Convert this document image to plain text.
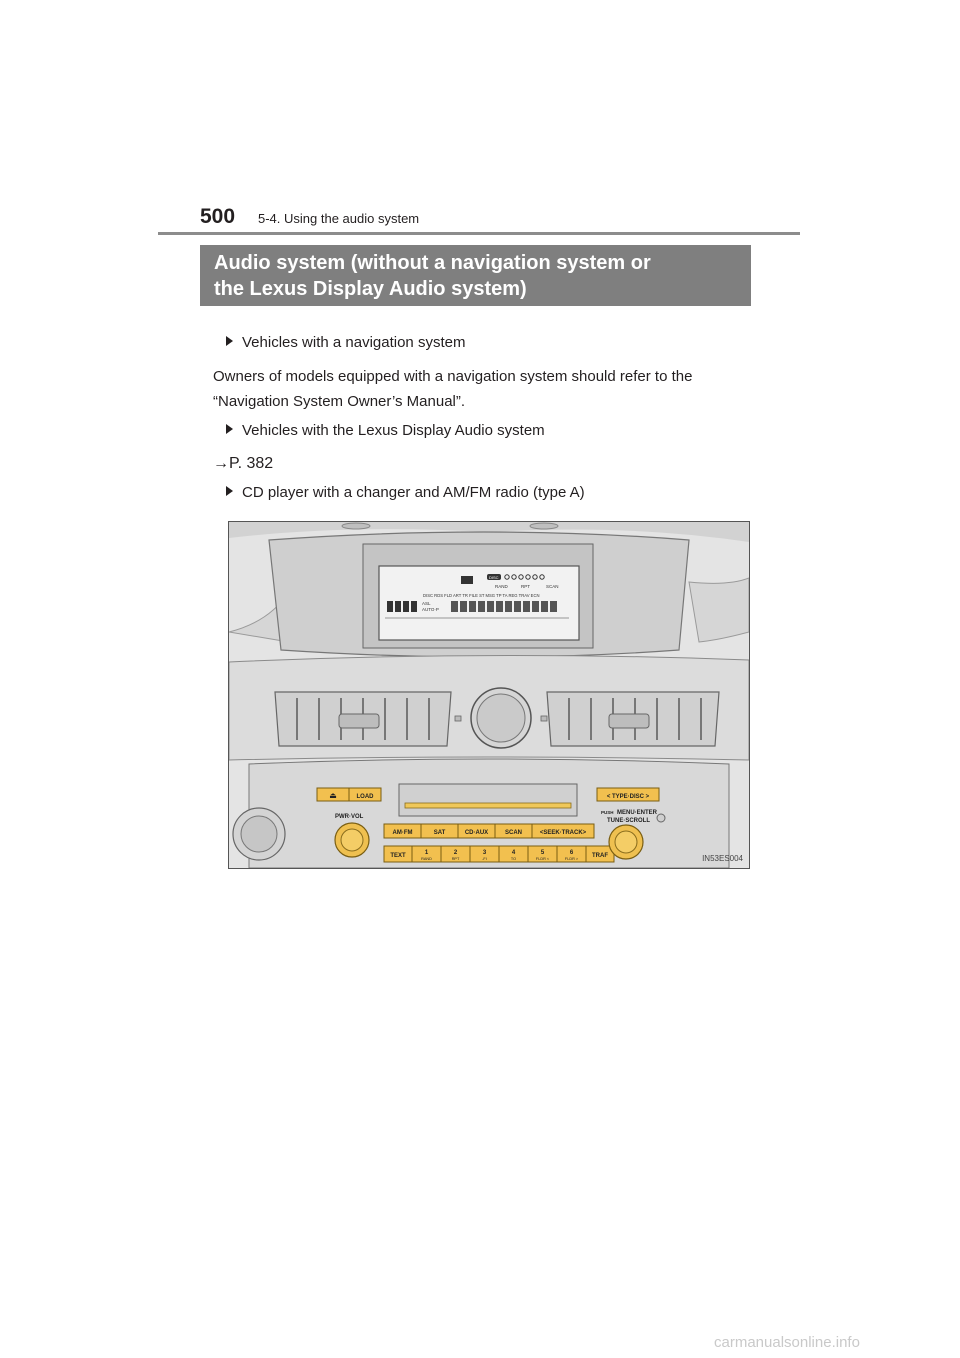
500 5-4. Using the audio system
Audio system (without a navigation system or
the Lexus Display Audio system)
Vehicles with a navigation system
Owners of models equipped with a navigation system should refer to the
“Navigation System Owner’s Manual”.
Vehicles with the Lexus Display Audio system
→P. 382
CD player with a changer and AM/FM radio (type A)
DISC
RAND	RPT	SCAN
DISC RDS FLD ART TR FILE ST MSG TP TA REG TRAV ECN
ASL
AUTO·P
⏏	LOAD	< TYPE·DISC >
PWR·VOL
PUSH MENU·ENTER
TUNE·SCROLL
AM·FM	SAT	CD·AUX	SCAN	<SEEK·TRACK>
TEXT	1
RAND
2
RPT
3
-FI
4
TO
5
FLDR <
6
FLDR > TRAF	IN53ES004
carmanualsonline.info
